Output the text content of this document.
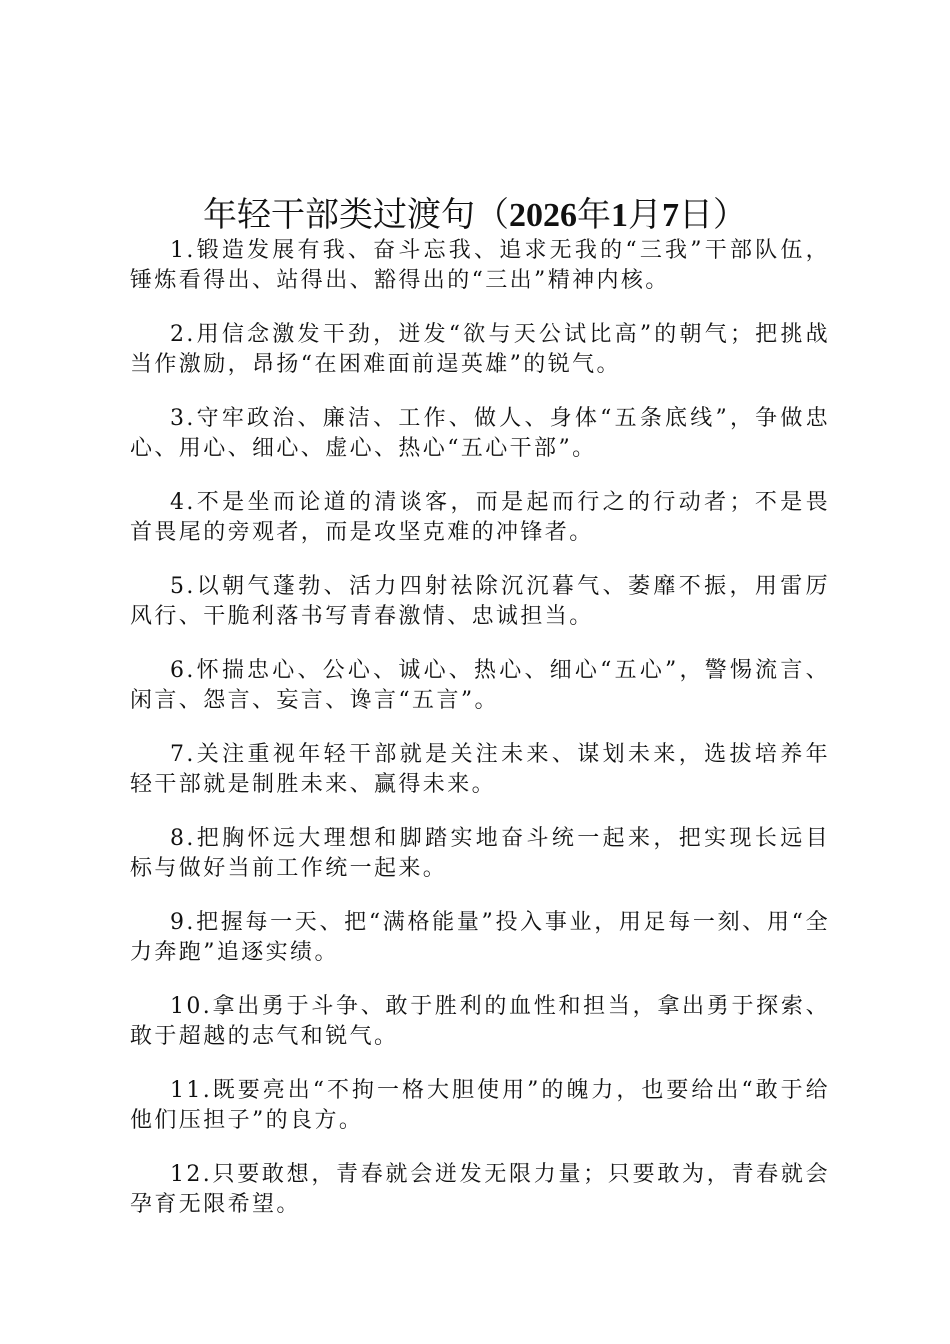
年轻干部类过渡句（2026年1月7日）

1.锻造发展有我、奋斗忘我、追求无我的“三我”干部队伍，锤炼看得出、站得出、豁得出的“三出”精神内核。

2.用信念激发干劲，迸发“欲与天公试比高”的朝气；把挑战当作激励，昂扬“在困难面前逞英雄”的锐气。

3.守牢政治、廉洁、工作、做人、身体“五条底线”，争做忠心、用心、细心、虚心、热心“五心干部”。

4.不是坐而论道的清谈客，而是起而行之的行动者；不是畏首畏尾的旁观者，而是攻坚克难的冲锋者。

5.以朝气蓬勃、活力四射祛除沉沉暮气、萎靡不振，用雷厉风行、干脆利落书写青春激情、忠诚担当。

6.怀揣忠心、公心、诚心、热心、细心“五心”，警惕流言、闲言、怨言、妄言、谗言“五言”。

7.关注重视年轻干部就是关注未来、谋划未来，选拔培养年轻干部就是制胜未来、赢得未来。

8.把胸怀远大理想和脚踏实地奋斗统一起来，把实现长远目标与做好当前工作统一起来。

9.把握每一天、把“满格能量”投入事业，用足每一刻、用“全力奔跑”追逐实绩。

10.拿出勇于斗争、敢于胜利的血性和担当，拿出勇于探索、敢于超越的志气和锐气。

11.既要亮出“不拘一格大胆使用”的魄力，也要给出“敢于给他们压担子”的良方。

12.只要敢想，青春就会迸发无限力量；只要敢为，青春就会孕育无限希望。
